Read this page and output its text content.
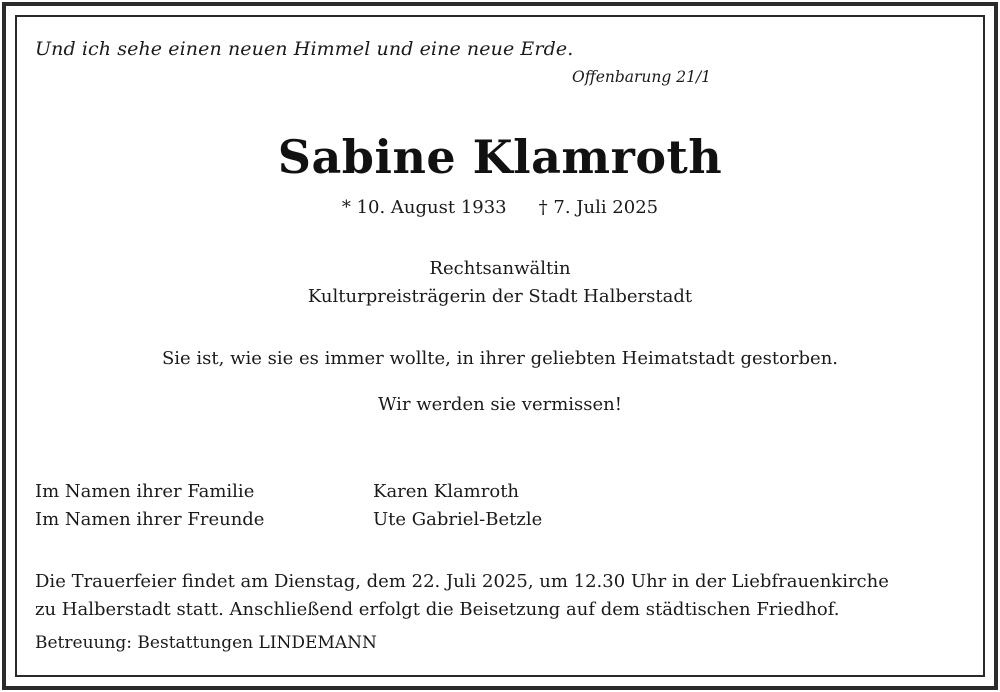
Und ich sehe einen neuen Himmel und eine neue Erde.
Offenbarung 21/1
Sabine Klamroth
* 10. August 1933 † 7. Juli 2025
Rechtsanwältin
Kulturpreisträgerin der Stadt Halberstadt
Sie ist, wie sie es immer wollte, in ihrer geliebten Heimatstadt gestorben.
Wir werden sie vermissen!
Im Namen ihrer Familie	Karen Klamroth
Im Namen ihrer Freunde	Ute Gabriel-Betzle
Die Trauerfeier findet am Dienstag, dem 22. Juli 2025, um 12.30 Uhr in der Liebfrauenkirche
zu Halberstadt statt. Anschließend erfolgt die Beisetzung auf dem städtischen Friedhof.
Betreuung: Bestattungen LINDEMANN
